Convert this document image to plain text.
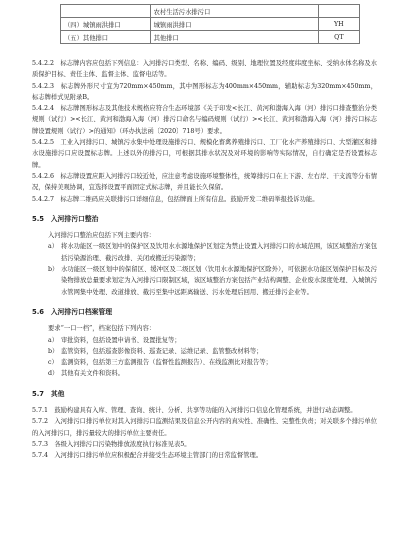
	农村生活污水排污口	
（四）城镇雨洪排口	城镇雨洪排口	YH
（五）其他排口	其他排口	QT

5.4.2.2　标志牌内容应包括下列信息：入河排污口类型、名称、编码、级别、地理位置及经度纬度坐标、受纳水体名称及水质保护目标、责任主体、监督主体、监督电话等。

5.4.2.3　标志牌外形尺寸宜为720mm×450mm，其中图形标志为400mm×450mm，辅助标志为320mm×450mm，标志牌样式见附录B。

5.4.2.4　标志牌图形标志及其他技术规格应符合生态环境部《关于印发<长江、黄河和渤海入海（河）排污口排查整治分类规则（试行）><长江、黄河和渤海入海（河）排污口命名与编码规则（试行）><长江、黄河和渤海入海（河）排污口标志牌设置规则（试行）>的通知》（环办执法函〔2020〕718号）要求。

5.4.2.5　工业入河排污口、城镇污水集中处理设施排污口、规模化畜禽养殖排污口、工厂化水产养殖排污口、大型灌区和排水设施排污口应设置标志牌。上述以外的排污口，可根据其排水状况及对环境的影响等实际情况，自行确定是否设置标志牌。

5.4.2.6　标志牌设置应距入河排污口较近处，应注意考虑设施环境整体性，统筹排污口在上下游、左右岸、干支流等分布情况，保持美观协调，宜选择设置平面固定式标志牌，并且能长久保留。

5.4.2.7　标志牌二维码应关联排污口详细信息，包括牌面上所有信息。鼓励开发二维码举报投诉功能。

5.5　入河排污口整治

入河排污口整治应包括下列主要内容：

a） 将水功能区一级区划中的保护区及饮用水水源地保护区划定为禁止设置入河排污口的水域范围，该区域整治方案包括污染源治理、截污改排、关闭或搬迁污染源等；
b） 水功能区一级区划中的保留区、缓冲区及二级区划（饮用水水源地保护区除外），可依据水功能区划保护目标及污染物排放总量要求划定为入河排污口限制区域，该区域整治方案包括产业结构调整、企业废水深度处理、入城镇污水管网集中处理、改道排放、截污至集中远距离输送、污水处理后回用、搬迁排污企业等。

5.6　入河排污口档案管理

要求“一口一档”，档案包括下列内容：

a） 审批资料，包括设置申请书、设置批复等；
b） 监管资料，包括巡查影像资料、巡查记录、运维记录、监管整改材料等；
c） 监测资料，包括第三方监测报告（监督性监测报告）、在线监测比对报告等；
d） 其他有关文件和资料。

5.7　其他

5.7.1　鼓励构建具有入库、管理、查询、统计、分析、共享等功能的入河排污口信息化管理系统，并进行动态调整。

5.7.2　入河排污口排污单位对其入河排污口监测结果及信息公开内容的真实性、准确性、完整性负责；对关联多个排污单位的入河排污口，排污量较大的排污单位主要责任。

5.7.3　各级入河排污口污染物排放浓度执行标准见表5。

5.7.4　入河排污口排污单位应积极配合并接受生态环境主管部门的日常监督管理。
